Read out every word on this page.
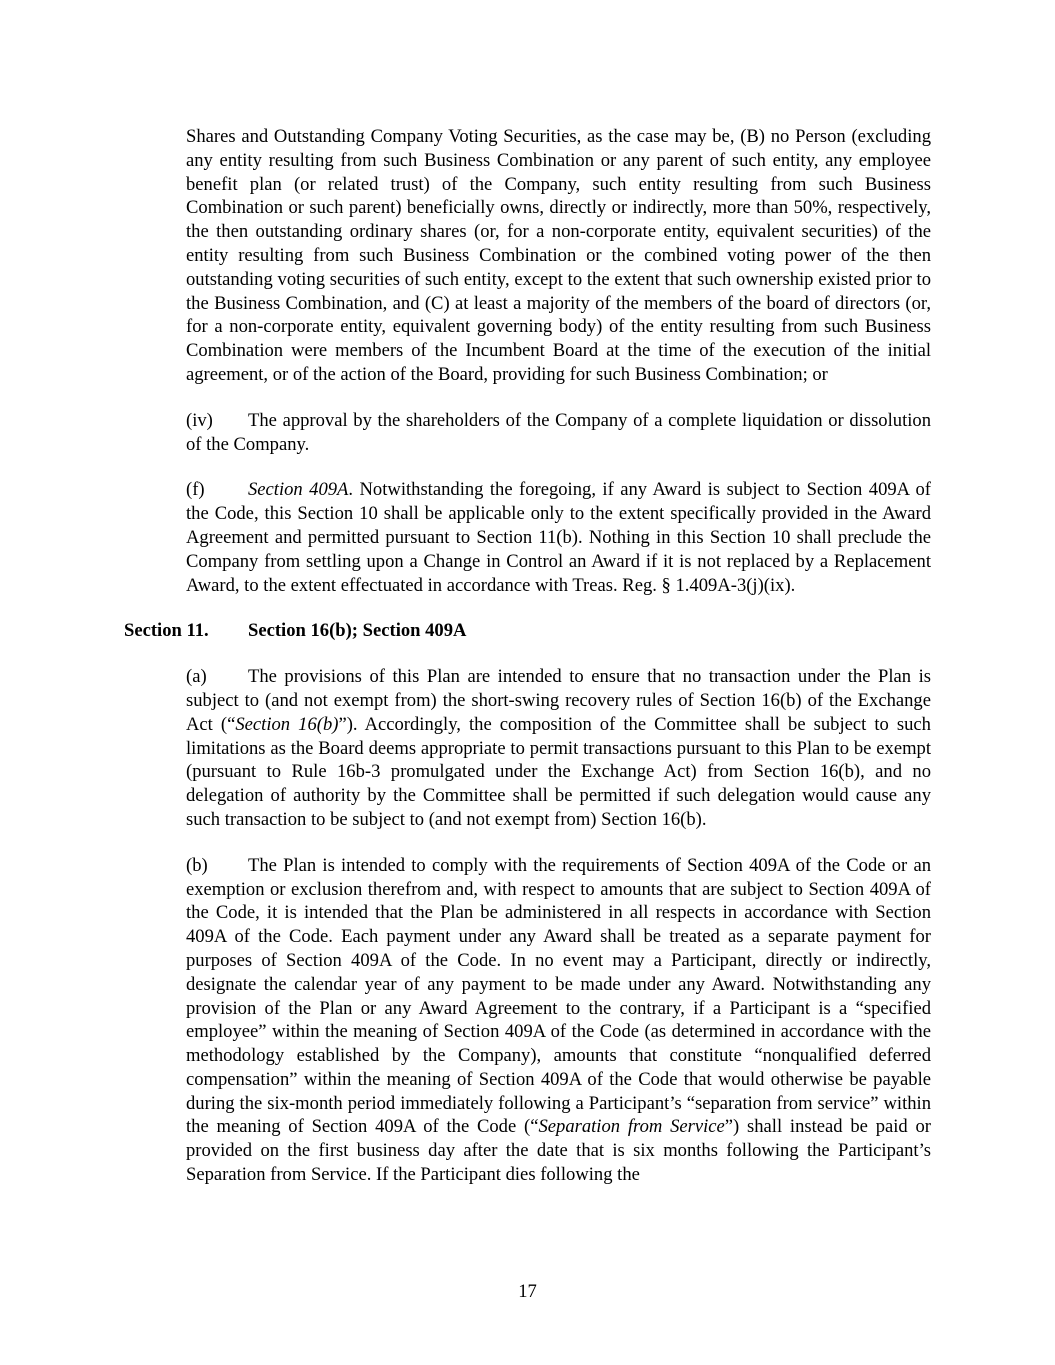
Shares and Outstanding Company Voting Securities, as the case may be, (B) no Person (excluding any entity resulting from such Business Combination or any parent of such entity, any employee benefit plan (or related trust) of the Company, such entity resulting from such Business Combination or such parent) beneficially owns, directly or indirectly, more than 50%, respectively, the then outstanding ordinary shares (or, for a non-corporate entity, equivalent securities) of the entity resulting from such Business Combination or the combined voting power of the then outstanding voting securities of such entity, except to the extent that such ownership existed prior to the Business Combination, and (C) at least a majority of the members of the board of directors (or, for a non-corporate entity, equivalent governing body) of the entity resulting from such Business Combination were members of the Incumbent Board at the time of the execution of the initial agreement, or of the action of the Board, providing for such Business Combination; or

(iv) The approval by the shareholders of the Company of a complete liquidation or dissolution of the Company.

(f) Section 409A. Notwithstanding the foregoing, if any Award is subject to Section 409A of the Code, this Section 10 shall be applicable only to the extent specifically provided in the Award Agreement and permitted pursuant to Section 11(b). Nothing in this Section 10 shall preclude the Company from settling upon a Change in Control an Award if it is not replaced by a Replacement Award, to the extent effectuated in accordance with Treas. Reg. § 1.409A-3(j)(ix).

Section 11. Section 16(b); Section 409A

(a) The provisions of this Plan are intended to ensure that no transaction under the Plan is subject to (and not exempt from) the short-swing recovery rules of Section 16(b) of the Exchange Act (“Section 16(b)”). Accordingly, the composition of the Committee shall be subject to such limitations as the Board deems appropriate to permit transactions pursuant to this Plan to be exempt (pursuant to Rule 16b-3 promulgated under the Exchange Act) from Section 16(b), and no delegation of authority by the Committee shall be permitted if such delegation would cause any such transaction to be subject to (and not exempt from) Section 16(b).

(b) The Plan is intended to comply with the requirements of Section 409A of the Code or an exemption or exclusion therefrom and, with respect to amounts that are subject to Section 409A of the Code, it is intended that the Plan be administered in all respects in accordance with Section 409A of the Code. Each payment under any Award shall be treated as a separate payment for purposes of Section 409A of the Code. In no event may a Participant, directly or indirectly, designate the calendar year of any payment to be made under any Award. Notwithstanding any provision of the Plan or any Award Agreement to the contrary, if a Participant is a “specified employee” within the meaning of Section 409A of the Code (as determined in accordance with the methodology established by the Company), amounts that constitute “nonqualified deferred compensation” within the meaning of Section 409A of the Code that would otherwise be payable during the six-month period immediately following a Participant’s “separation from service” within the meaning of Section 409A of the Code (“Separation from Service”) shall instead be paid or provided on the first business day after the date that is six months following the Participant’s Separation from Service. If the Participant dies following the

17
